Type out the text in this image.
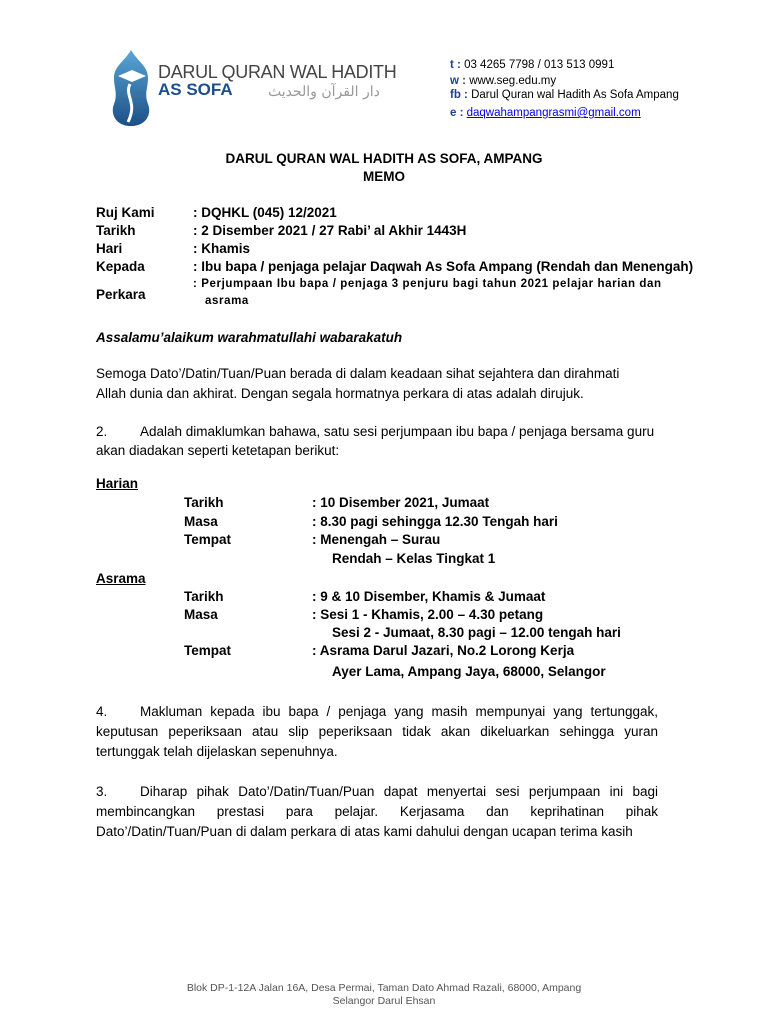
DARUL QURAN WAL HADITH
AS SOFA	دار القرآن والحديث
t : 03 4265 7798 / 013 513 0991
w : www.seg.edu.my
fb : Darul Quran wal Hadith As Sofa Ampang
e : daqwahampangrasmi@gmail.com
DARUL QURAN WAL HADITH AS SOFA, AMPANG
MEMO
Ruj Kami	: DQHKL (045) 12/2021
Tarikh	: 2 Disember 2021 / 27 Rabi’ al Akhir 1443H
Hari	: Khamis
Kepada	: Ibu bapa / penjaga pelajar Daqwah As Sofa Ampang (Rendah dan Menengah)
Perkara
: Perjumpaan Ibu bapa / penjaga 3 penjuru bagi tahun 2021 pelajar harian dan
asrama
Assalamu’alaikum warahmatullahi wabarakatuh
Semoga Dato’/Datin/Tuan/Puan berada di dalam keadaan sihat sejahtera dan dirahmati
Allah dunia dan akhirat. Dengan segala hormatnya perkara di atas adalah dirujuk.
2. Adalah dimaklumkan bahawa, satu sesi perjumpaan ibu bapa / penjaga bersama guru
akan diadakan seperti ketetapan berikut:
Harian
Tarikh	: 10 Disember 2021, Jumaat
Masa	: 8.30 pagi sehingga 12.30 Tengah hari
Tempat	: Menengah – Surau
Rendah – Kelas Tingkat 1
Asrama
Tarikh	: 9 & 10 Disember, Khamis & Jumaat
Masa	: Sesi 1 - Khamis, 2.00 – 4.30 petang
Sesi 2 - Jumaat, 8.30 pagi – 12.00 tengah hari
Tempat	: Asrama Darul Jazari, No.2 Lorong Kerja
Ayer Lama, Ampang Jaya, 68000, Selangor
4. Makluman kepada ibu bapa / penjaga yang masih mempunyai yang tertunggak, keputusan peperiksaan atau slip peperiksaan tidak akan dikeluarkan sehingga yuran tertunggak telah dijelaskan sepenuhnya.
3. Diharap pihak Dato’/Datin/Tuan/Puan dapat menyertai sesi perjumpaan ini bagi membincangkan prestasi para pelajar. Kerjasama dan keprihatinan pihak Dato’/Datin/Tuan/Puan di dalam perkara di atas kami dahului dengan ucapan terima kasih
Blok DP-1-12A Jalan 16A, Desa Permai, Taman Dato Ahmad Razali, 68000, Ampang
Selangor Darul Ehsan
